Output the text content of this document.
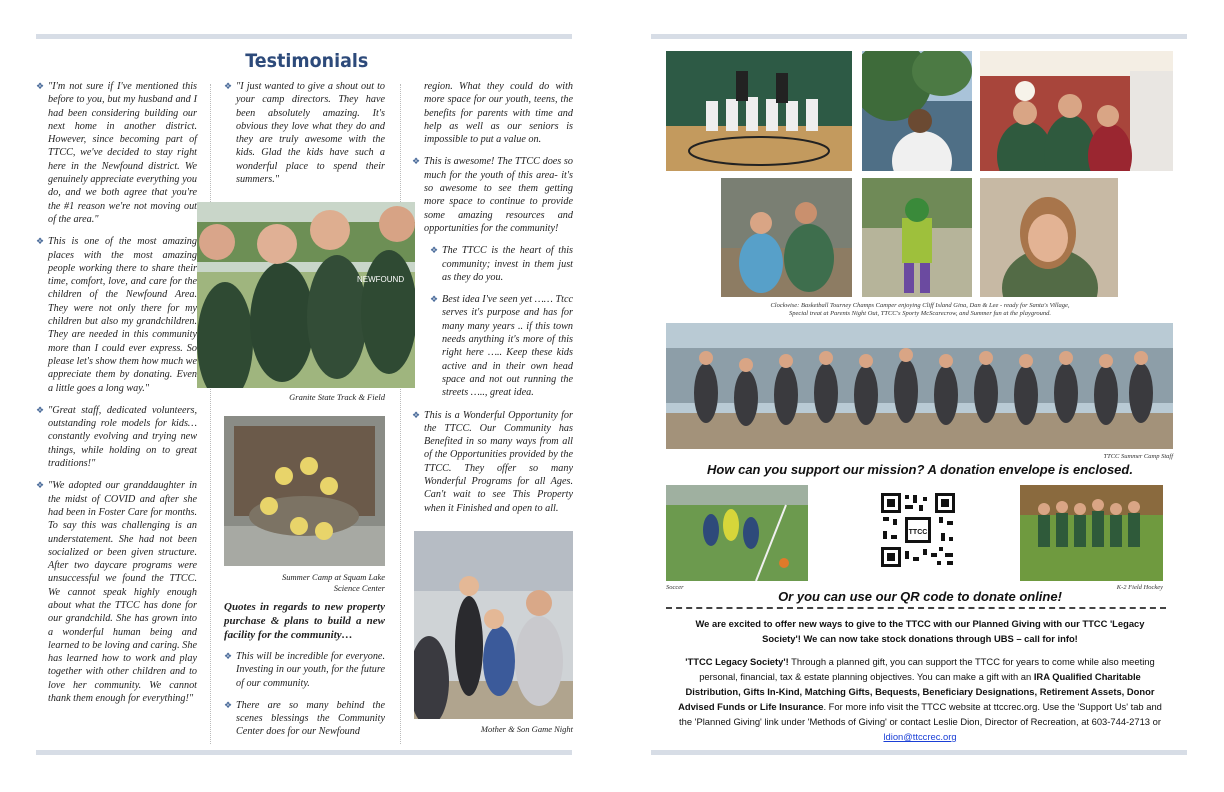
Testimonials
❖ "I'm not sure if I've mentioned this before to you, but my husband and I had been considering building our next home in another district. However, since becoming part of TTCC, we've decided to stay right here in the Newfound district. We genuinely appreciate everything you do, and we both agree that you're the #1 reason we're not moving out of the area."

❖ This is one of the most amazing places with the most amazing people working there to share their time, comfort, love, and care for the children of the Newfound Area. They were not only there for my children but also my grandchildren. They are needed in this community more than I could ever express. So please let's show them how much we appreciate them by donating. Even a little goes a long way."

❖ "Great staff, dedicated volunteers, outstanding role models for kids… constantly evolving and trying new things, while holding on to great traditions!"

❖ "We adopted our granddaughter in the midst of COVID and after she had been in Foster Care for months. To say this was challenging is an understatement. She had not been socialized or been given structure. After two daycare programs were unsuccessful we found the TTCC. We cannot speak highly enough about what the TTCC has done for our grandchild. She has grown into a wonderful human being and learned to be loving and caring. She has learned how to work and play together with other children and to love her community. We cannot thank them enough for everything!"

❖ "I just wanted to give a shout out to your camp directors. They have been absolutely amazing. It's obvious they love what they do and they are truly awesome with the kids. Glad the kids have such a wonderful place to spend their summers."

NEWFOUND
Granite State Track & Field
Summer Camp at Squam Lake
Science Center
Quotes in regards to new property purchase & plans to build a new facility for the community…
❖ This will be incredible for everyone. Investing in our youth, for the future of our community.

❖ There are so many behind the scenes blessings the Community Center does for our Newfound

region. What they could do with more space for our youth, teens, the benefits for parents with time and help as well as our seniors is impossible to put a value on.

❖ This is awesome! The TTCC does so much for the youth of this area- it's so awesome to see them getting more space to continue to provide some amazing resources and opportunities for the community!

❖ The TTCC is the heart of this community; invest in them just as they do you.

❖ Best idea I've seen yet …… Ttcc serves it's purpose and has for many many years .. if this town needs anything it's more of this right here ….. Keep these kids active and in their own head space and not out running the streets ….., great idea.

❖ This is a Wonderful Opportunity for the TTCC. Our Community has Benefited in so many ways from all of the Opportunities provided by the TTCC. They offer so many Wonderful Programs for all Ages. Can't wait to see This Property when it Finished and open to all.

Mother & Son Game Night
Clockwise: Basketball Tourney Champs Camper enjoying Cliff Island Gina, Dan & Lee - ready for Santa's Village,
Special treat at Parents Night Out, TTCC's Sporty McScarecrow, and Summer fun at the playground.
TTCC Summer Camp Staff
How can you support our mission? A donation envelope is enclosed.
Soccer
TTCC
K-2 Field Hockey
Or you can use our QR code to donate online!
We are excited to offer new ways to give to the TTCC with our Planned Giving with our TTCC 'Legacy Society'! We can now take stock donations through UBS – call for info!
'TTCC Legacy Society'! Through a planned gift, you can support the TTCC for years to come while also meeting personal, financial, tax & estate planning objectives. You can make a gift with an IRA Qualified Charitable Distribution, Gifts In-Kind, Matching Gifts, Bequests, Beneficiary Designations, Retirement Assets, Donor Advised Funds or Life Insurance. For more info visit the TTCC website at ttccrec.org. Use the 'Support Us' tab and the 'Planned Giving' link under 'Methods of Giving' or contact Leslie Dion, Director of Recreation, at 603-744-2713 or ldion@ttccrec.org
